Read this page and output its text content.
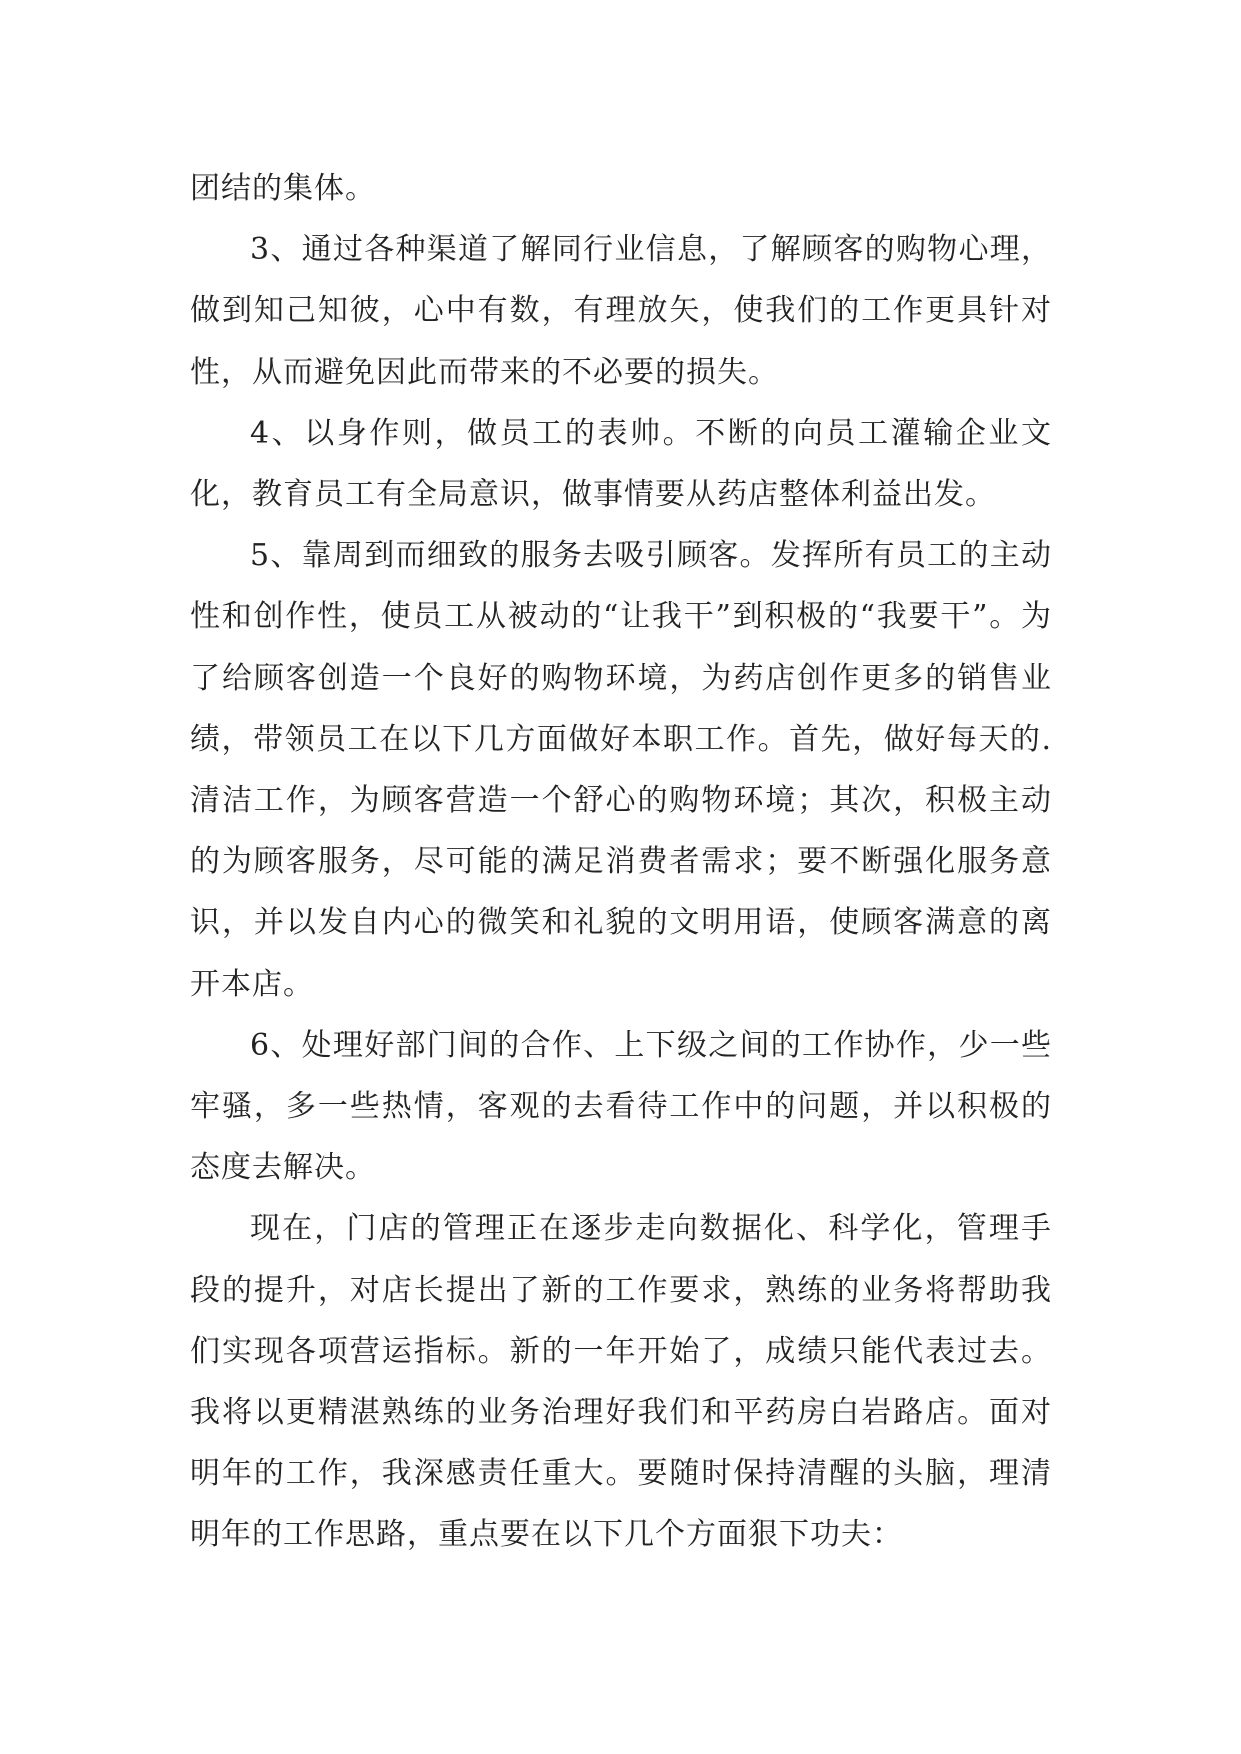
团结的集体。

3、通过各种渠道了解同行业信息，了解顾客的购物心理，做到知己知彼，心中有数，有理放矢，使我们的工作更具针对性，从而避免因此而带来的不必要的损失。

4、以身作则，做员工的表帅。不断的向员工灌输企业文化，教育员工有全局意识，做事情要从药店整体利益出发。

5、靠周到而细致的服务去吸引顾客。发挥所有员工的主动性和创作性，使员工从被动的“让我干”到积极的“我要干”。为了给顾客创造一个良好的购物环境，为药店创作更多的销售业绩，带领员工在以下几方面做好本职工作。首先，做好每天的.清洁工作，为顾客营造一个舒心的购物环境；其次，积极主动的为顾客服务，尽可能的满足消费者需求；要不断强化服务意识，并以发自内心的微笑和礼貌的文明用语，使顾客满意的离开本店。

6、处理好部门间的合作、上下级之间的工作协作，少一些牢骚，多一些热情，客观的去看待工作中的问题，并以积极的态度去解决。

现在，门店的管理正在逐步走向数据化、科学化，管理手段的提升，对店长提出了新的工作要求，熟练的业务将帮助我们实现各项营运指标。新的一年开始了，成绩只能代表过去。我将以更精湛熟练的业务治理好我们和平药房白岩路店。面对明年的工作，我深感责任重大。要随时保持清醒的头脑，理清明年的工作思路，重点要在以下几个方面狠下功夫：
